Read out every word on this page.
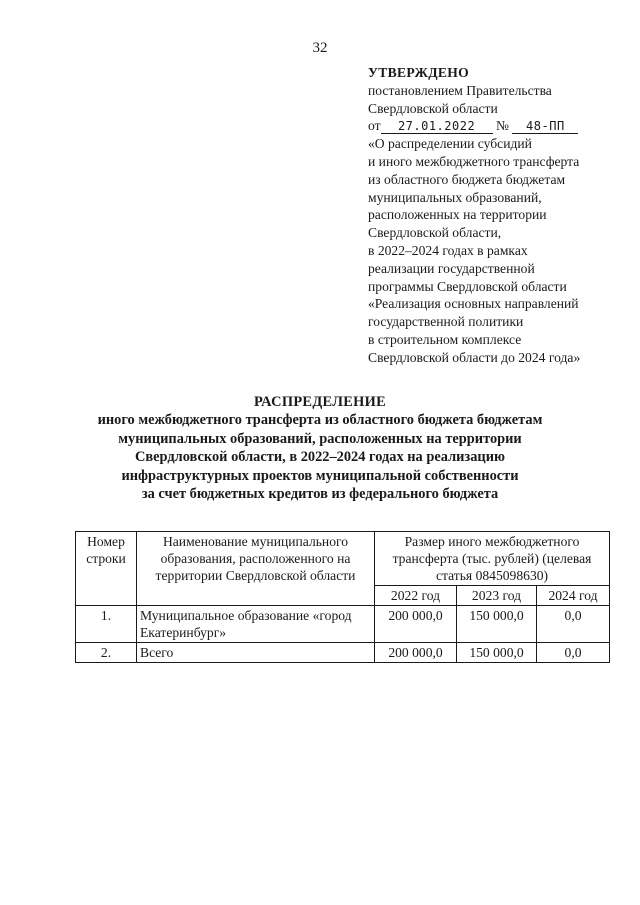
32
УТВЕРЖДЕНО
постановлением Правительства
Свердловской области
от 27.01.2022 № 48-ПП
«О распределении субсидий
и иного межбюджетного трансферта
из областного бюджета бюджетам
муниципальных образований,
расположенных на территории
Свердловской области,
в 2022–2024 годах в рамках
реализации государственной
программы Свердловской области
«Реализация основных направлений
государственной политики
в строительном комплексе
Свердловской области до 2024 года»
РАСПРЕДЕЛЕНИЕ
иного межбюджетного трансферта из областного бюджета бюджетам
муниципальных образований, расположенных на территории
Свердловской области, в 2022–2024 годах на реализацию
инфраструктурных проектов муниципальной собственности
за счет бюджетных кредитов из федерального бюджета
Номер строки	Наименование муниципального образования, расположенного на территории Свердловской области	Размер иного межбюджетного трансферта (тыс. рублей) (целевая статья 0845098630)		
		2022 год	2023 год	2024 год
1.	Муниципальное образование «город Екатеринбург»	200 000,0	150 000,0	0,0
2.	Всего	200 000,0	150 000,0	0,0
